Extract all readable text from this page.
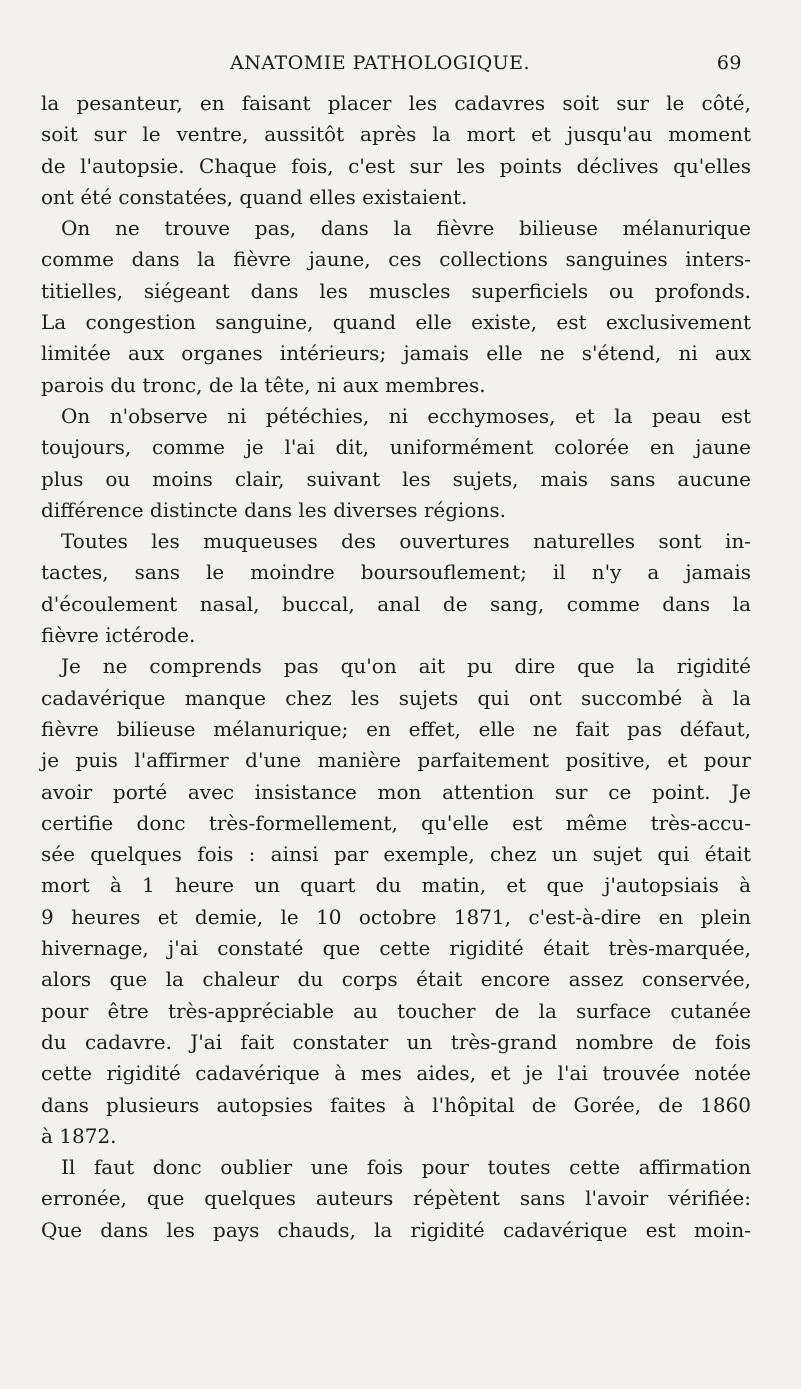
ANATOMIE PATHOLOGIQUE.	69
la pesanteur, en faisant placer les cadavres soit sur le côté,
soit sur le ventre, aussitôt après la mort et jusqu'au moment
de l'autopsie. Chaque fois, c'est sur les points déclives qu'elles
ont été constatées, quand elles existaient.
On ne trouve pas, dans la fièvre bilieuse mélanurique
comme dans la fièvre jaune, ces collections sanguines inters-
titielles, siégeant dans les muscles superficiels ou profonds.
La congestion sanguine, quand elle existe, est exclusivement
limitée aux organes intérieurs; jamais elle ne s'étend, ni aux
parois du tronc, de la tête, ni aux membres.
On n'observe ni pétéchies, ni ecchymoses, et la peau est
toujours, comme je l'ai dit, uniformément colorée en jaune
plus ou moins clair, suivant les sujets, mais sans aucune
différence distincte dans les diverses régions.
Toutes les muqueuses des ouvertures naturelles sont in-
tactes, sans le moindre boursouflement; il n'y a jamais
d'écoulement nasal, buccal, anal de sang, comme dans la
fièvre ictérode.
Je ne comprends pas qu'on ait pu dire que la rigidité
cadavérique manque chez les sujets qui ont succombé à la
fièvre bilieuse mélanurique; en effet, elle ne fait pas défaut,
je puis l'affirmer d'une manière parfaitement positive, et pour
avoir porté avec insistance mon attention sur ce point. Je
certifie donc très-formellement, qu'elle est même très-accu-
sée quelques fois : ainsi par exemple, chez un sujet qui était
mort à 1 heure un quart du matin, et que j'autopsiais à
9 heures et demie, le 10 octobre 1871, c'est-à-dire en plein
hivernage, j'ai constaté que cette rigidité était très-marquée,
alors que la chaleur du corps était encore assez conservée,
pour être très-appréciable au toucher de la surface cutanée
du cadavre. J'ai fait constater un très-grand nombre de fois
cette rigidité cadavérique à mes aides, et je l'ai trouvée notée
dans plusieurs autopsies faites à l'hôpital de Gorée, de 1860
à 1872.
Il faut donc oublier une fois pour toutes cette affirmation
erronée, que quelques auteurs répètent sans l'avoir vérifiée:
Que dans les pays chauds, la rigidité cadavérique est moin-
